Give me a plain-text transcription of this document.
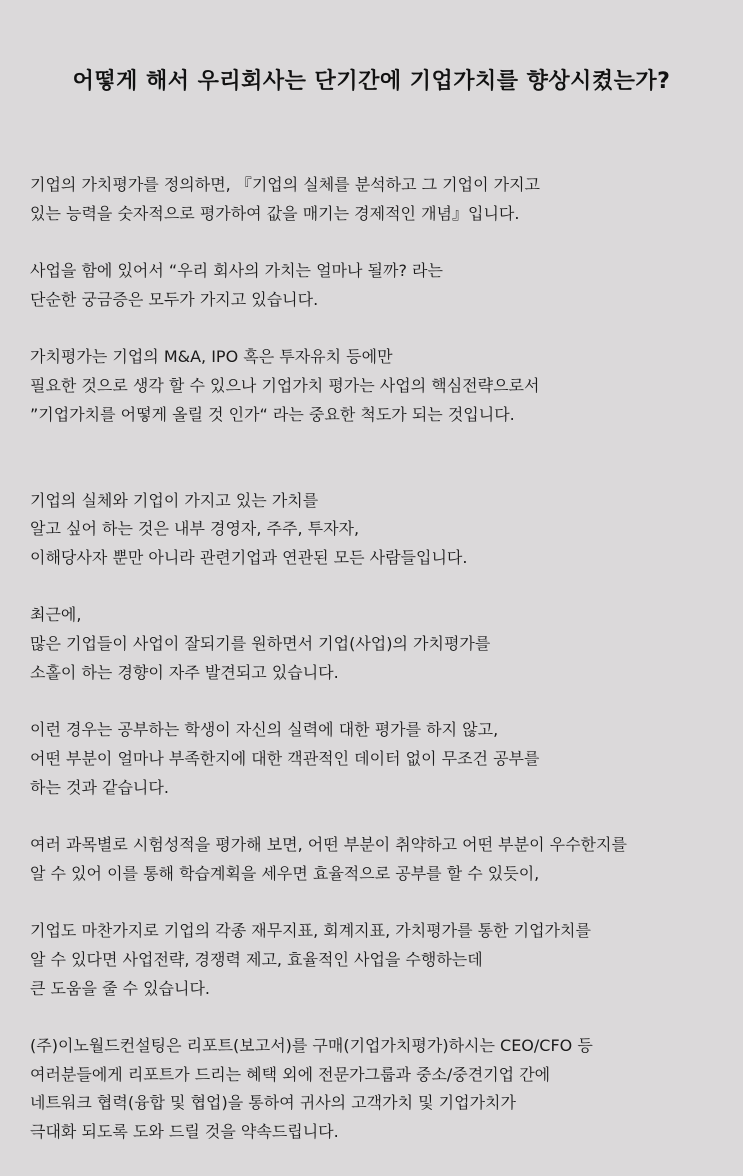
어떻게 해서 우리회사는 단기간에 기업가치를 향상시켰는가?
기업의 가치평가를 정의하면, 『기업의 실체를 분석하고 그 기업이 가지고
있는 능력을 숫자적으로 평가하여 값을 매기는 경제적인 개념』입니다.
사업을 함에 있어서 “우리 회사의 가치는 얼마나 될까? 라는
단순한 궁금증은 모두가 가지고 있습니다.
가치평가는 기업의 M&A, IPO 혹은 투자유치 등에만
필요한 것으로 생각 할 수 있으나 기업가치 평가는 사업의 핵심전략으로서
”기업가치를 어떻게 올릴 것 인가“ 라는 중요한 척도가 되는 것입니다.
기업의 실체와 기업이 가지고 있는 가치를
알고 싶어 하는 것은 내부 경영자, 주주, 투자자,
이해당사자 뿐만 아니라 관련기업과 연관된 모든 사람들입니다.
최근에,
많은 기업들이 사업이 잘되기를 원하면서 기업(사업)의 가치평가를
소홀이 하는 경향이 자주 발견되고 있습니다.
이런 경우는 공부하는 학생이 자신의 실력에 대한 평가를 하지 않고,
어떤 부분이 얼마나 부족한지에 대한 객관적인 데이터 없이 무조건 공부를
하는 것과 같습니다.
여러 과목별로 시험성적을 평가해 보면, 어떤 부분이 취약하고 어떤 부분이 우수한지를
알 수 있어 이를 통해 학습계획을 세우면 효율적으로 공부를 할 수 있듯이,
기업도 마찬가지로 기업의 각종 재무지표, 회계지표, 가치평가를 통한 기업가치를
알 수 있다면 사업전략, 경쟁력 제고, 효율적인 사업을 수행하는데
큰 도움을 줄 수 있습니다.
(주)이노월드컨설팅은 리포트(보고서)를 구매(기업가치평가)하시는 CEO/CFO 등
여러분들에게 리포트가 드리는 혜택 외에 전문가그룹과 중소/중견기업 간에
네트워크 협력(융합 및 협업)을 통하여 귀사의 고객가치 및 기업가치가
극대화 되도록 도와 드릴 것을 약속드립니다.
